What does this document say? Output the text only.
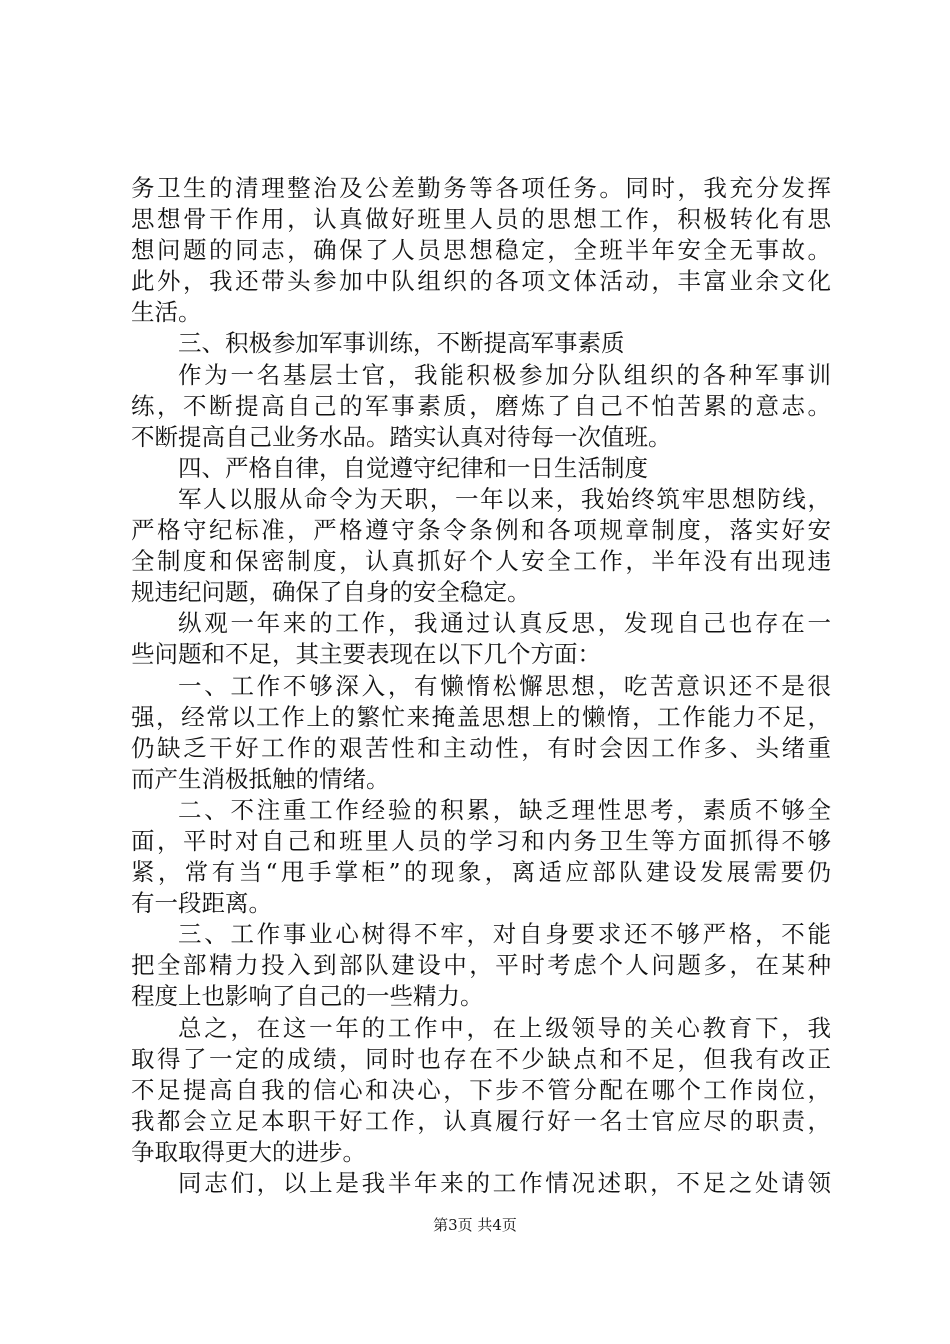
务卫生的清理整治及公差勤务等各项任务。同时，我充分发挥
思想骨干作用，认真做好班里人员的思想工作，积极转化有思
想问题的同志，确保了人员思想稳定，全班半年安全无事故。
此外，我还带头参加中队组织的各项文体活动，丰富业余文化
生活。
三、积极参加军事训练，不断提高军事素质
作为一名基层士官，我能积极参加分队组织的各种军事训
练，不断提高自己的军事素质，磨炼了自己不怕苦累的意志。
不断提高自己业务水品。踏实认真对待每一次值班。
四、严格自律，自觉遵守纪律和一日生活制度
军人以服从命令为天职，一年以来，我始终筑牢思想防线，
严格守纪标准，严格遵守条令条例和各项规章制度，落实好安
全制度和保密制度，认真抓好个人安全工作，半年没有出现违
规违纪问题，确保了自身的安全稳定。
纵观一年来的工作，我通过认真反思，发现自己也存在一
些问题和不足，其主要表现在以下几个方面：
一、工作不够深入，有懒惰松懈思想，吃苦意识还不是很
强，经常以工作上的繁忙来掩盖思想上的懒惰，工作能力不足，
仍缺乏干好工作的艰苦性和主动性，有时会因工作多、头绪重
而产生消极抵触的情绪。
二、不注重工作经验的积累，缺乏理性思考，素质不够全
面，平时对自己和班里人员的学习和内务卫生等方面抓得不够
紧，常有当“甩手掌柜”的现象，离适应部队建设发展需要仍
有一段距离。
三、工作事业心树得不牢，对自身要求还不够严格，不能
把全部精力投入到部队建设中，平时考虑个人问题多，在某种
程度上也影响了自己的一些精力。
总之，在这一年的工作中，在上级领导的关心教育下，我
取得了一定的成绩，同时也存在不少缺点和不足，但我有改正
不足提高自我的信心和决心，下步不管分配在哪个工作岗位，
我都会立足本职干好工作，认真履行好一名士官应尽的职责，
争取取得更大的进步。
同志们，以上是我半年来的工作情况述职，不足之处请领
第3页 共4页
